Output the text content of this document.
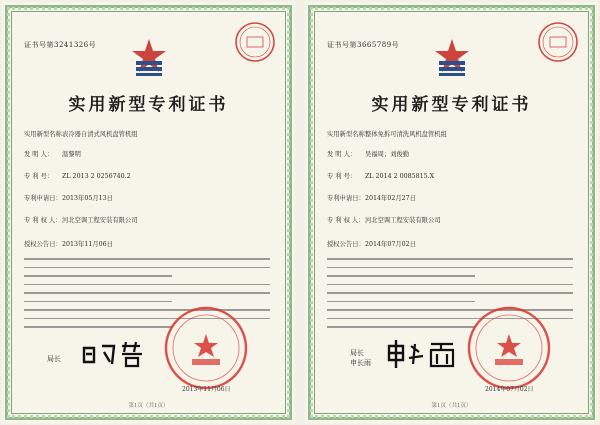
证书号第3241326号
实用新型专利证书
实用新型名称：表冷器自清式风机盘管机组
发 明 人： 温黎明
专 利 号： ZL 2013 2 0256740.2
专利申请日：2013年05月13日
专 利 权 人：河北空调工程安装有限公司
授权公告日：2013年11月06日
局长
2013年11月06日
第1页（共1页）
证书号第3665789号
实用新型专利证书
实用新型名称：整体免拆可清洗风机盘管机组
发 明 人： 吴福周；刘俊勤
专 利 号： ZL 2014 2 0085815.X
专利申请日：2014年02月27日
专 利 权 人：河北空调工程安装有限公司
授权公告日：2014年07月02日
局长
申长雨
2014年07月02日
第1页（共1页）
